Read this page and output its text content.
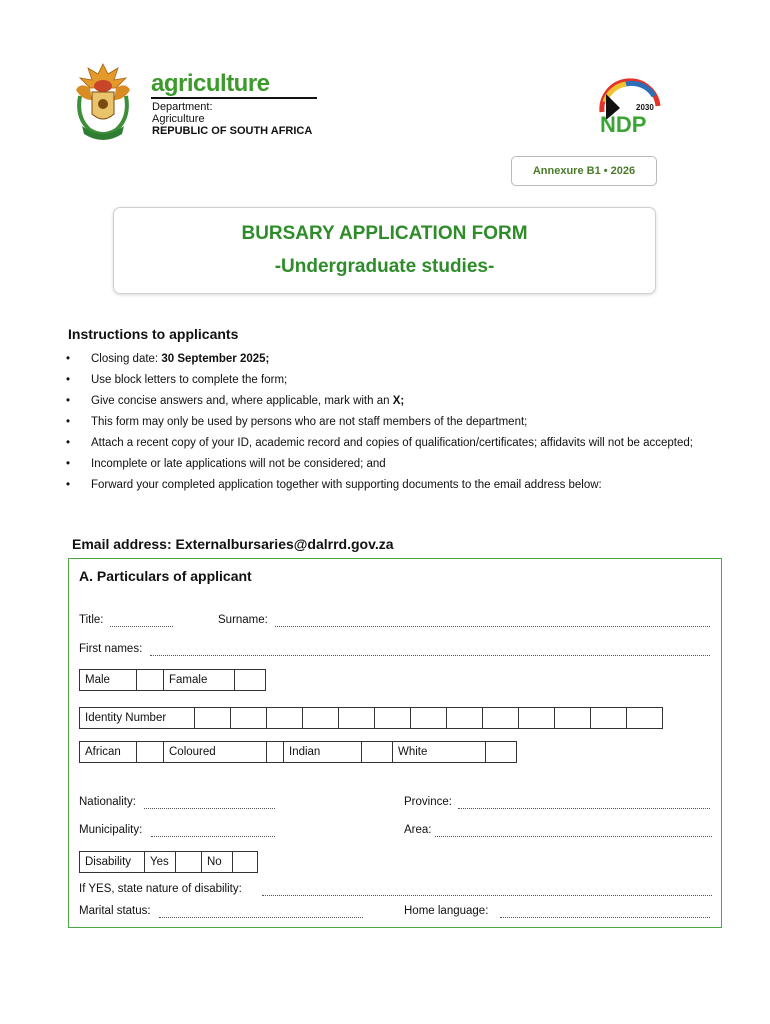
agriculture
Department:
Agriculture
REPUBLIC OF SOUTH AFRICA
2030
NDP
Annexure B1 • 2026
BURSARY APPLICATION FORM
-Undergraduate studies-
Instructions to applicants
• Closing date: 30 September 2025;
• Use block letters to complete the form;
• Give concise answers and, where applicable, mark with an X;
• This form may only be used by persons who are not staff members of the department;
• Attach a recent copy of your ID, academic record and copies of qualification/certificates; affidavits will not be accepted;
• Incomplete or late applications will not be considered; and
• Forward your completed application together with supporting documents to the email address below:
Email address: Externalbursaries@dalrrd.gov.za
A. Particulars of applicant
Title:	Surname:
First names:
Male		Famale	
Identity Number													
African		Coloured		Indian		White	
Nationality:	Province:
Municipality:	Area:
Disability	Yes		No	
If YES, state nature of disability:
Marital status:	Home language:
